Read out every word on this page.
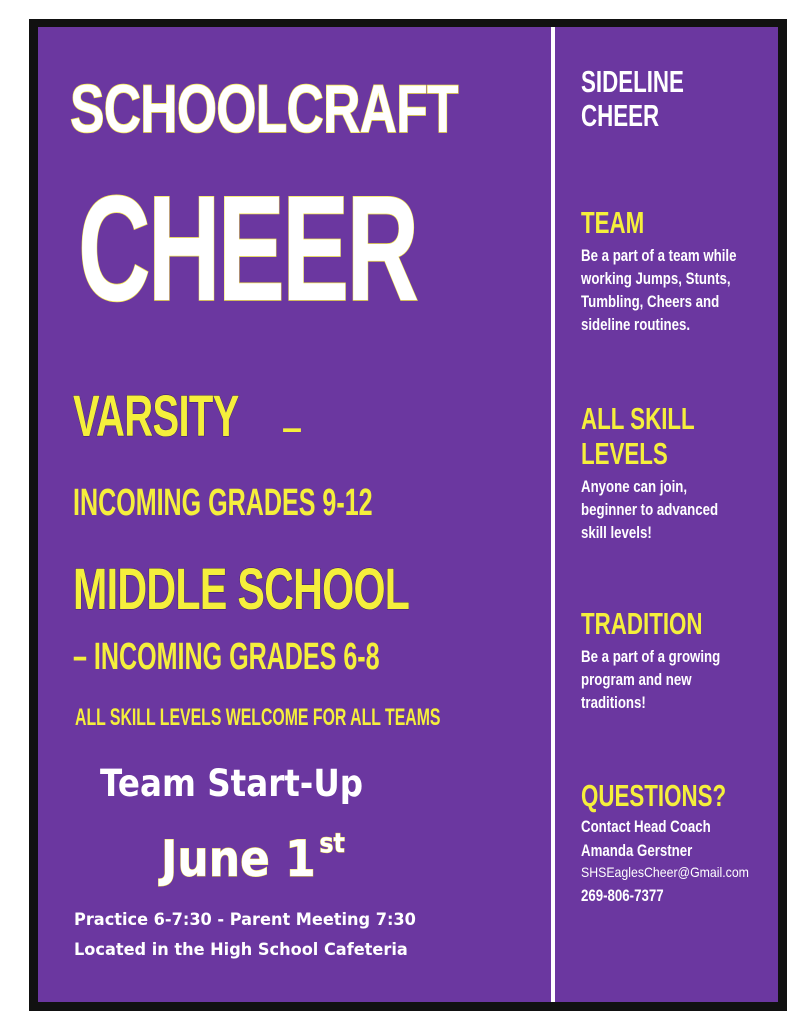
SCHOOLCRAFT

CHEER

VARSITY –

INCOMING GRADES 9-12

MIDDLE SCHOOL

– INCOMING GRADES 6-8

ALL SKILL LEVELS WELCOME FOR ALL TEAMS

Team Start-Up

June 1 $^{st}$

Practice 6-7:30 - Parent Meeting 7:30

Located in the High School Cafeteria

SIDELINE

CHEER

TEAM

Be a part of a team while

working Jumps, Stunts,

Tumbling, Cheers and

sideline routines.

ALL SKILL

LEVELS

Anyone can join,

beginner to advanced

skill levels!

TRADITION

Be a part of a growing

program and new

traditions!

QUESTIONS?

Contact Head Coach

Amanda Gerstner

SHSEaglesCheer@Gmail.com

269-806-7377
